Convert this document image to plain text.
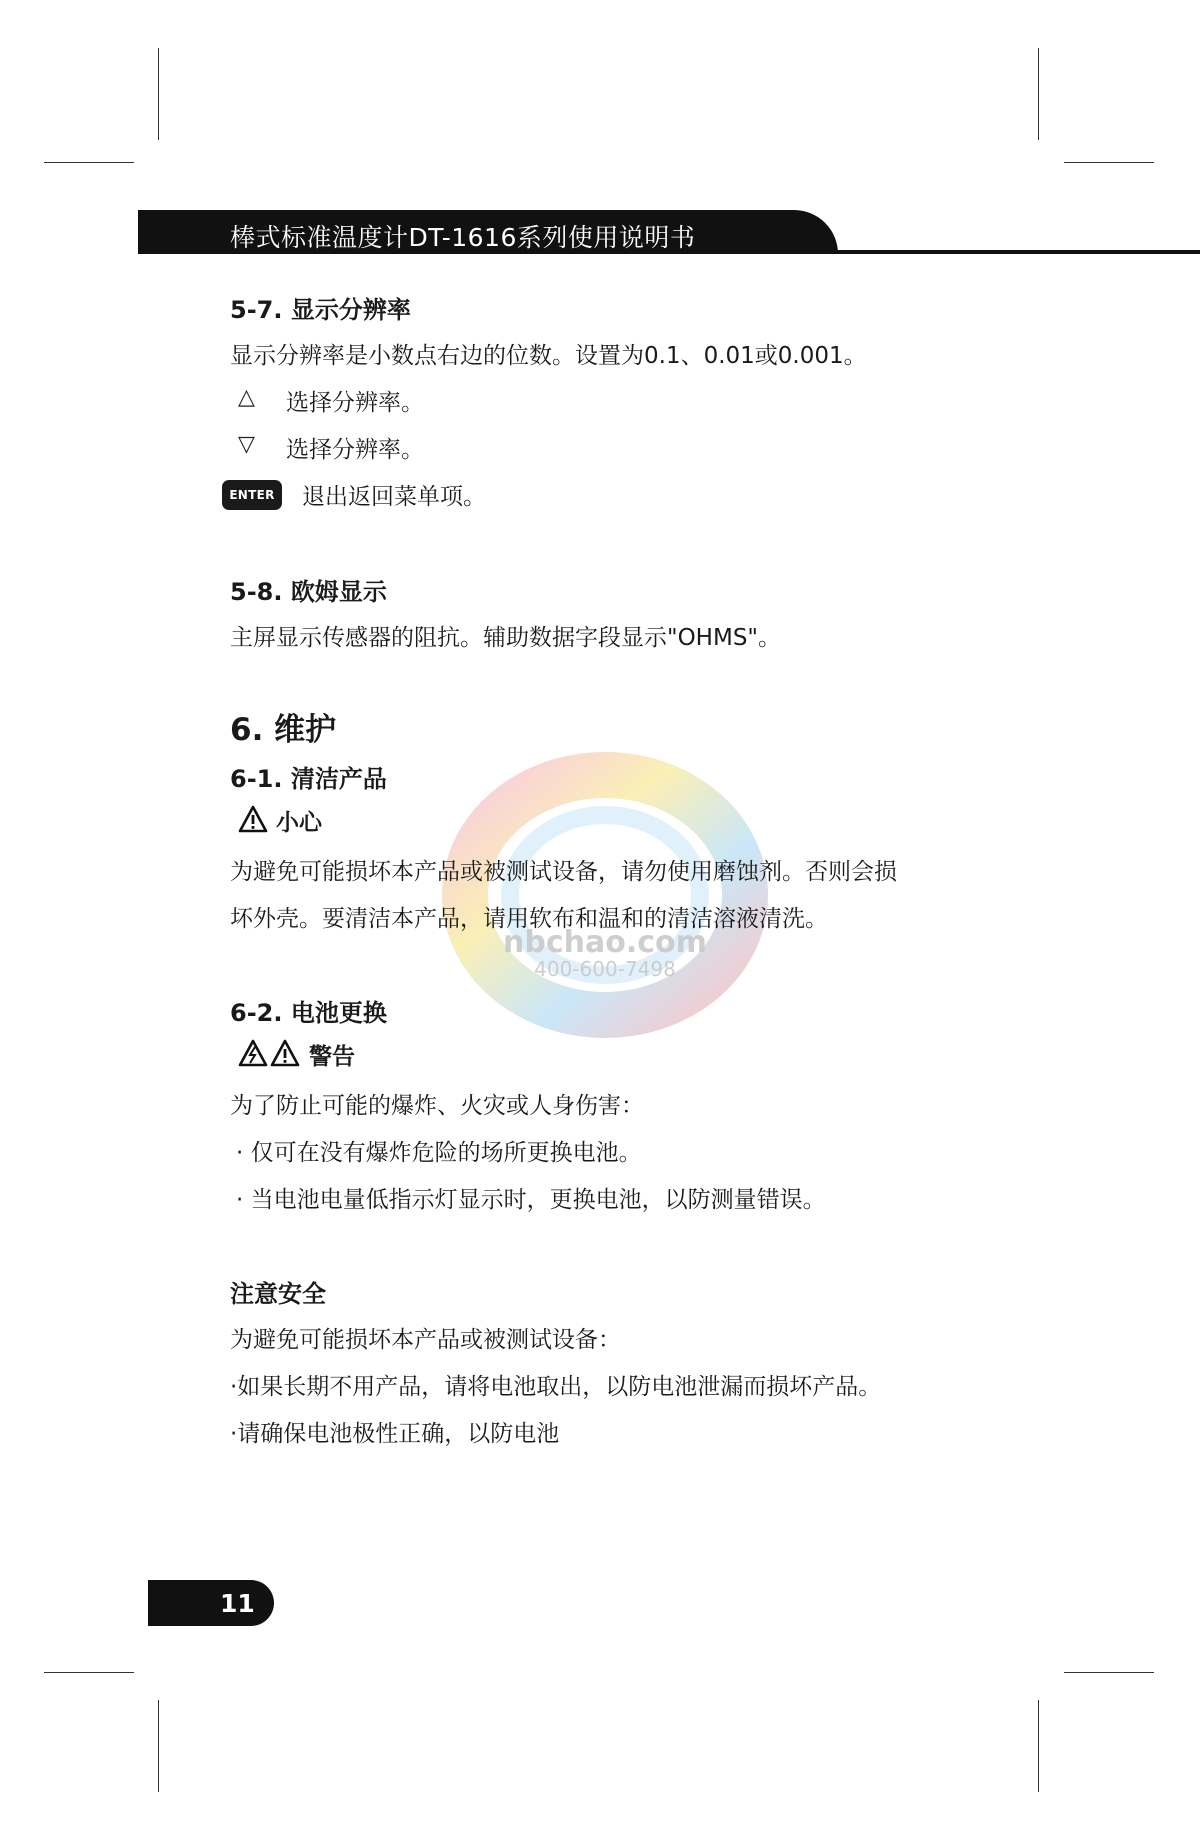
棒式标准温度计DT-1616系列使用说明书
nbchao.com
400-600-7498
5-7. 显示分辨率
显示分辨率是小数点右边的位数。设置为0.1、0.01或0.001。
△ 选择分辨率。
▽ 选择分辨率。
ENTER	退出返回菜单项。
5-8. 欧姆显示
主屏显示传感器的阻抗。辅助数据字段显示"OHMS"。
6. 维护
6-1. 清洁产品
小心
为避免可能损坏本产品或被测试设备，请勿使用磨蚀剂。否则会损
坏外壳。要清洁本产品，请用软布和温和的清洁溶液清洗。
6-2. 电池更换
警告
为了防止可能的爆炸、火灾或人身伤害：
· 仅可在没有爆炸危险的场所更换电池。
· 当电池电量低指示灯显示时，更换电池，以防测量错误。
注意安全
为避免可能损坏本产品或被测试设备：
·如果长期不用产品，请将电池取出，以防电池泄漏而损坏产品。
·请确保电池极性正确，以防电池
11
